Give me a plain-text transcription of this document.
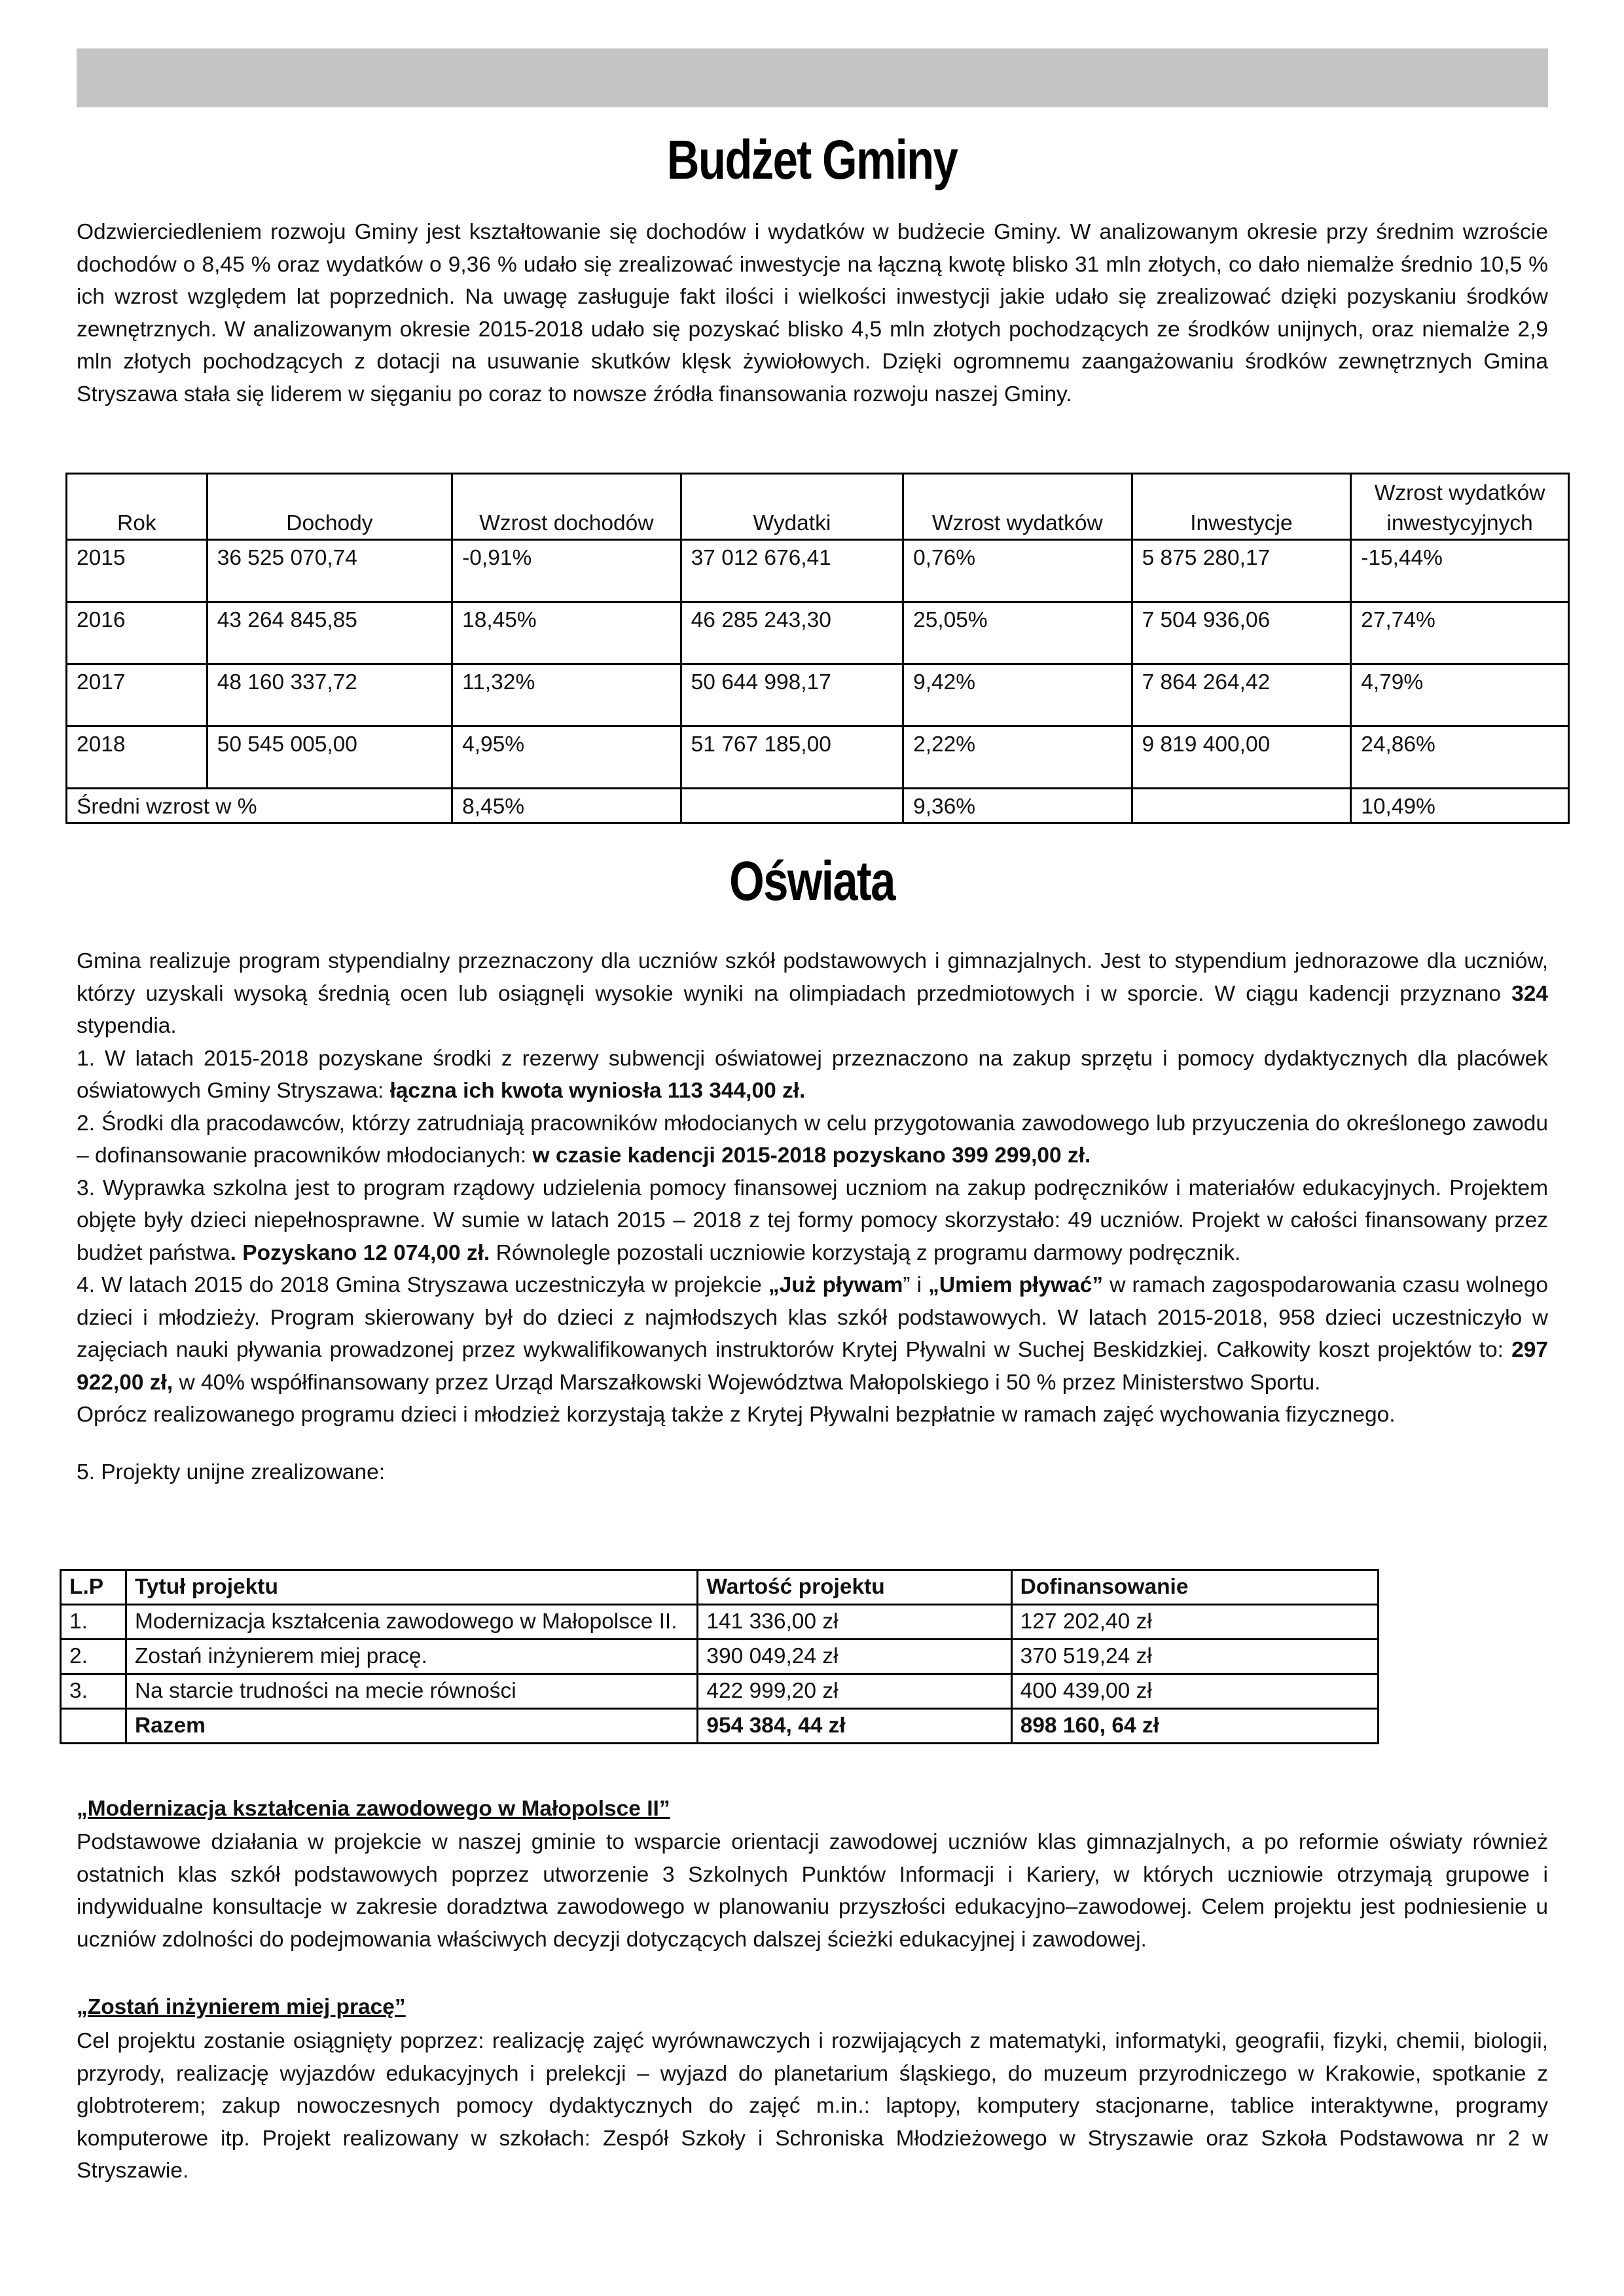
Budżet Gminy
Odzwierciedleniem rozwoju Gminy jest kształtowanie się dochodów i wydatków w budżecie Gminy. W analizowanym okresie przy średnim wzroście dochodów o 8,45 % oraz wydatków o 9,36 % udało się zrealizować inwestycje na łączną kwotę blisko 31 mln złotych, co dało niemalże średnio 10,5 % ich wzrost względem lat poprzednich. Na uwagę zasługuje fakt ilości i wielkości inwestycji jakie udało się zrealizować dzięki pozyskaniu środków zewnętrznych. W analizowanym okresie 2015-2018 udało się pozyskać blisko 4,5 mln złotych pochodzących ze środków unijnych, oraz niemalże 2,9 mln złotych pochodzących z dotacji na usuwanie skutków klęsk żywiołowych. Dzięki ogromnemu zaangażowaniu środków zewnętrznych Gmina Stryszawa stała się liderem w sięganiu po coraz to nowsze źródła finansowania rozwoju naszej Gminy.
Rok	Dochody	Wzrost dochodów	Wydatki	Wzrost wydatków	Inwestycje	Wzrost wydatków inwestycyjnych
2015	36 525 070,74	-0,91%	37 012 676,41	0,76%	5 875 280,17	-15,44%
2016	43 264 845,85	18,45%	46 285 243,30	25,05%	7 504 936,06	27,74%
2017	48 160 337,72	11,32%	50 644 998,17	9,42%	7 864 264,42	4,79%
2018	50 545 005,00	4,95%	51 767 185,00	2,22%	9 819 400,00	24,86%
Średni wzrost w %		8,45%		9,36%		10,49%
Oświata
Gmina realizuje program stypendialny przeznaczony dla uczniów szkół podstawowych i gimnazjalnych. Jest to stypendium jednorazowe dla uczniów, którzy uzyskali wysoką średnią ocen lub osiągnęli wysokie wyniki na olimpiadach przedmiotowych i w sporcie. W ciągu kadencji przyznano 324 stypendia.
1. W latach 2015-2018 pozyskane środki z rezerwy subwencji oświatowej przeznaczono na zakup sprzętu i pomocy dydaktycznych dla placówek oświatowych Gminy Stryszawa: łączna ich kwota wyniosła 113 344,00 zł.
2. Środki dla pracodawców, którzy zatrudniają pracowników młodocianych w celu przygotowania zawodowego lub przyuczenia do określonego zawodu – dofinansowanie pracowników młodocianych: w czasie kadencji 2015-2018 pozyskano 399 299,00 zł.
3. Wyprawka szkolna jest to program rządowy udzielenia pomocy finansowej uczniom na zakup podręczników i materiałów edukacyjnych. Projektem objęte były dzieci niepełnosprawne. W sumie w latach 2015 – 2018 z tej formy pomocy skorzystało: 49 uczniów. Projekt w całości finansowany przez budżet państwa. Pozyskano 12 074,00 zł. Równolegle pozostali uczniowie korzystają z programu darmowy podręcznik.
4. W latach 2015 do 2018 Gmina Stryszawa uczestniczyła w projekcie „Już pływam” i „Umiem pływać” w ramach zagospodarowania czasu wolnego dzieci i młodzieży. Program skierowany był do dzieci z najmłodszych klas szkół podstawowych. W latach 2015-2018, 958 dzieci uczestniczyło w zajęciach nauki pływania prowadzonej przez wykwalifikowanych instruktorów Krytej Pływalni w Suchej Beskidzkiej. Całkowity koszt projektów to: 297 922,00 zł, w 40% współfinansowany przez Urząd Marszałkowski Województwa Małopolskiego i 50 % przez Ministerstwo Sportu.
Oprócz realizowanego programu dzieci i młodzież korzystają także z Krytej Pływalni bezpłatnie w ramach zajęć wychowania fizycznego.
5. Projekty unijne zrealizowane:
L.P	Tytuł projektu	Wartość projektu	Dofinansowanie
1.	Modernizacja kształcenia zawodowego w Małopolsce II.	141 336,00 zł	127 202,40 zł
2.	Zostań inżynierem miej pracę.	390 049,24 zł	370 519,24 zł
3.	Na starcie trudności na mecie równości	422 999,20 zł	400 439,00 zł
	Razem	954 384, 44 zł	898 160, 64 zł
„Modernizacja kształcenia zawodowego w Małopolsce II”
Podstawowe działania w projekcie w naszej gminie to wsparcie orientacji zawodowej uczniów klas gimnazjalnych, a po reformie oświaty również ostatnich klas szkół podstawowych poprzez utworzenie 3 Szkolnych Punktów Informacji i Kariery, w których uczniowie otrzymają grupowe i indywidualne konsultacje w zakresie doradztwa zawodowego w planowaniu przyszłości edukacyjno–zawodowej. Celem projektu jest podniesienie u uczniów zdolności do podejmowania właściwych decyzji dotyczących dalszej ścieżki edukacyjnej i zawodowej.
„Zostań inżynierem miej pracę”
Cel projektu zostanie osiągnięty poprzez: realizację zajęć wyrównawczych i rozwijających z matematyki, informatyki, geografii, fizyki, chemii, biologii, przyrody, realizację wyjazdów edukacyjnych i prelekcji – wyjazd do planetarium śląskiego, do muzeum przyrodniczego w Krakowie, spotkanie z globtroterem; zakup nowoczesnych pomocy dydaktycznych do zajęć m.in.: laptopy, komputery stacjonarne, tablice interaktywne, programy komputerowe itp. Projekt realizowany w szkołach: Zespół Szkoły i Schroniska Młodzieżowego w Stryszawie oraz Szkoła Podstawowa nr 2 w Stryszawie.
